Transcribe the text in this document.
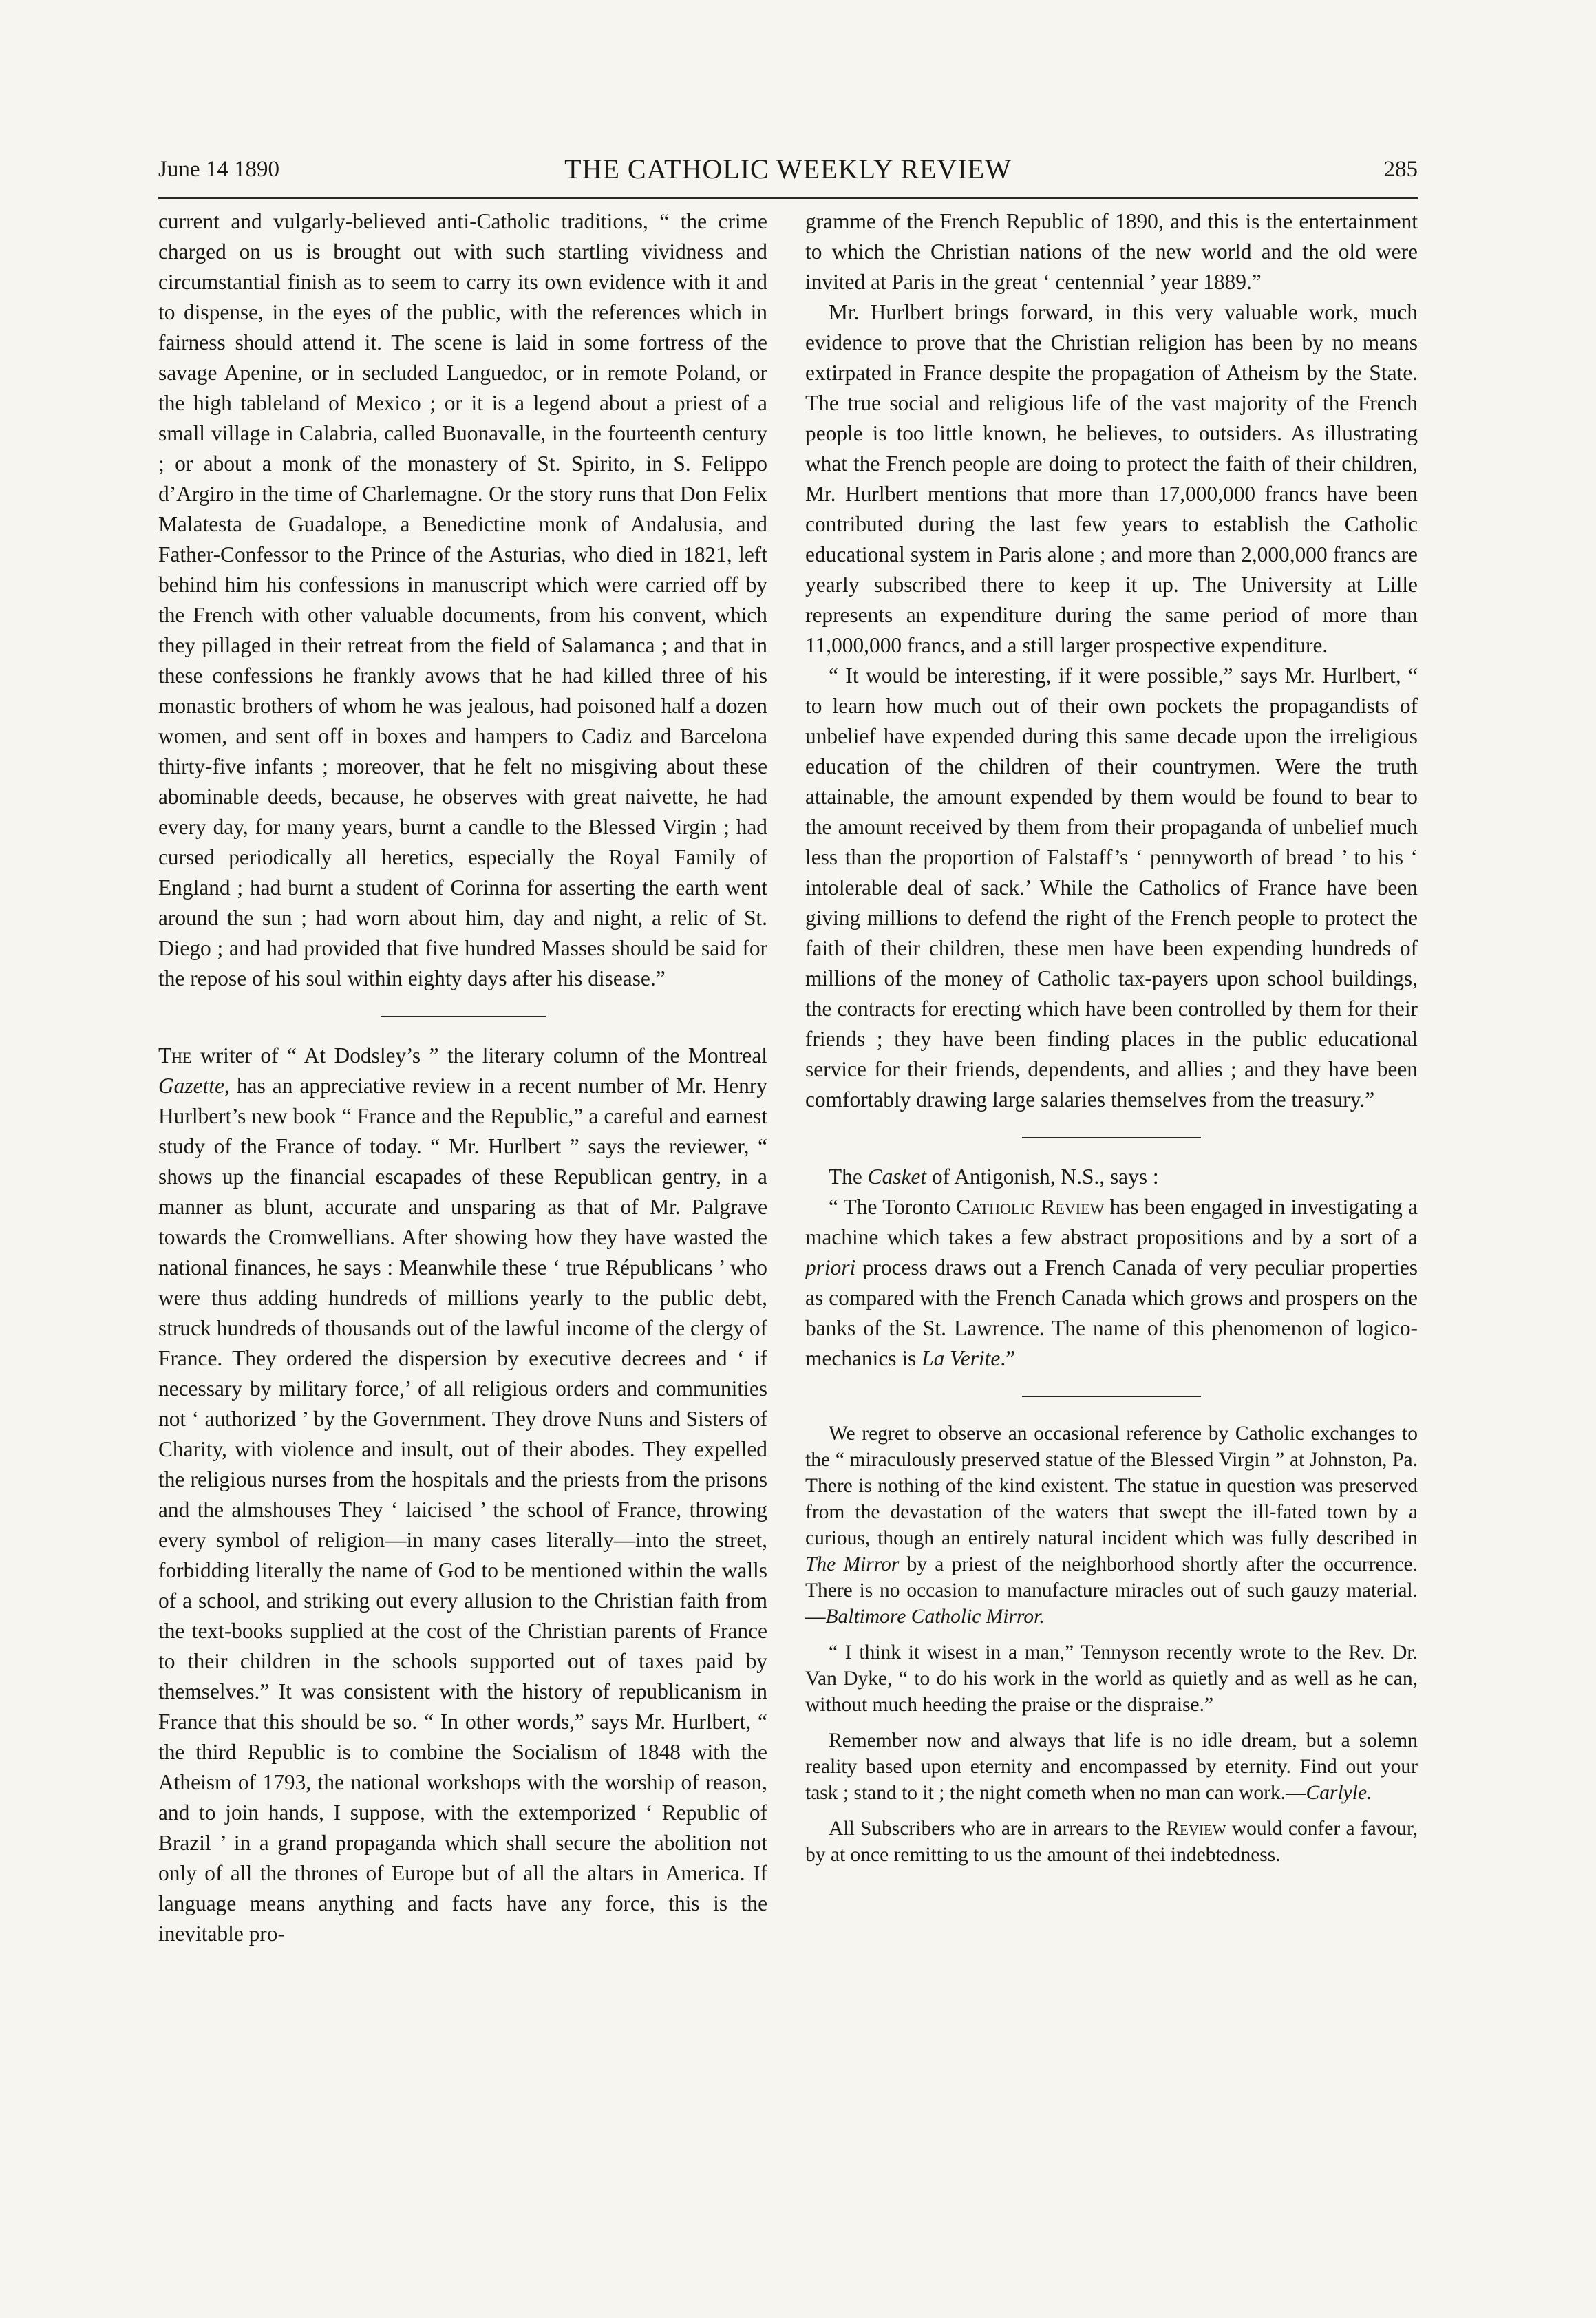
June 14 1890	THE CATHOLIC WEEKLY REVIEW	285

current and vulgarly-believed anti-Catholic traditions, “ the crime charged on us is brought out with such startling vividness and circumstantial finish as to seem to carry its own evidence with it and to dispense, in the eyes of the public, with the references which in fairness should attend it. The scene is laid in some fortress of the savage Apenine, or in secluded Languedoc, or in remote Poland, or the high tableland of Mexico ; or it is a legend about a priest of a small village in Calabria, called Buonavalle, in the fourteenth century ; or about a monk of the monastery of St. Spirito, in S. Felippo d’Argiro in the time of Charlemagne. Or the story runs that Don Felix Malatesta de Guadalope, a Benedictine monk of Andalusia, and Father-Confessor to the Prince of the Asturias, who died in 1821, left behind him his confessions in manuscript which were carried off by the French with other valuable documents, from his convent, which they pillaged in their retreat from the field of Salamanca ; and that in these confessions he frankly avows that he had killed three of his monastic brothers of whom he was jealous, had poisoned half a dozen women, and sent off in boxes and hampers to Cadiz and Barcelona thirty-five infants ; moreover, that he felt no misgiving about these abominable deeds, because, he observes with great naivette, he had every day, for many years, burnt a candle to the Blessed Virgin ; had cursed periodically all heretics, especially the Royal Family of England ; had burnt a student of Corinna for asserting the earth went around the sun ; had worn about him, day and night, a relic of St. Diego ; and had provided that five hundred Masses should be said for the repose of his soul within eighty days after his disease.”

The writer of “ At Dodsley’s ” the literary column of the Montreal Gazette, has an appreciative review in a recent number of Mr. Henry Hurlbert’s new book “ France and the Republic,” a careful and earnest study of the France of today. “ Mr. Hurlbert ” says the reviewer, “ shows up the financial escapades of these Republican gentry, in a manner as blunt, accurate and unsparing as that of Mr. Palgrave towards the Cromwellians. After showing how they have wasted the national finances, he says : Meanwhile these ‘ true Républicans ’ who were thus adding hundreds of millions yearly to the public debt, struck hundreds of thousands out of the lawful income of the clergy of France. They ordered the dispersion by executive decrees and ‘ if necessary by military force,’ of all religious orders and communities not ‘ authorized ’ by the Government. They drove Nuns and Sisters of Charity, with violence and insult, out of their abodes. They expelled the religious nurses from the hospitals and the priests from the prisons and the almshouses They ‘ laicised ’ the school of France, throwing every symbol of religion—in many cases literally—into the street, forbidding literally the name of God to be mentioned within the walls of a school, and striking out every allusion to the Christian faith from the text-books supplied at the cost of the Christian parents of France to their children in the schools supported out of taxes paid by themselves.” It was consistent with the history of republicanism in France that this should be so. “ In other words,” says Mr. Hurlbert, “ the third Republic is to combine the Socialism of 1848 with the Atheism of 1793, the national workshops with the worship of reason, and to join hands, I suppose, with the extemporized ‘ Republic of Brazil ’ in a grand propaganda which shall secure the abolition not only of all the thrones of Europe but of all the altars in America. If language means anything and facts have any force, this is the inevitable pro-

gramme of the French Republic of 1890, and this is the entertainment to which the Christian nations of the new world and the old were invited at Paris in the great ‘ centennial ’ year 1889.”

Mr. Hurlbert brings forward, in this very valuable work, much evidence to prove that the Christian religion has been by no means extirpated in France despite the propagation of Atheism by the State. The true social and religious life of the vast majority of the French people is too little known, he believes, to outsiders. As illustrating what the French people are doing to protect the faith of their children, Mr. Hurlbert mentions that more than 17,000,000 francs have been contributed during the last few years to establish the Catholic educational system in Paris alone ; and more than 2,000,000 francs are yearly subscribed there to keep it up. The University at Lille represents an expenditure during the same period of more than 11,000,000 francs, and a still larger prospective expenditure.

“ It would be interesting, if it were possible,” says Mr. Hurlbert, “ to learn how much out of their own pockets the propagandists of unbelief have expended during this same decade upon the irreligious education of the children of their countrymen. Were the truth attainable, the amount expended by them would be found to bear to the amount received by them from their propaganda of unbelief much less than the proportion of Falstaff’s ‘ pennyworth of bread ’ to his ‘ intolerable deal of sack.’ While the Catholics of France have been giving millions to defend the right of the French people to protect the faith of their children, these men have been expending hundreds of millions of the money of Catholic tax-payers upon school buildings, the contracts for erecting which have been controlled by them for their friends ; they have been finding places in the public educational service for their friends, dependents, and allies ; and they have been comfortably drawing large salaries themselves from the treasury.”

The Casket of Antigonish, N.S., says :

“ The Toronto Catholic Review has been engaged in investigating a machine which takes a few abstract propositions and by a sort of a priori process draws out a French Canada of very peculiar properties as compared with the French Canada which grows and prospers on the banks of the St. Lawrence. The name of this phenomenon of logico-mechanics is La Verite.”

We regret to observe an occasional reference by Catholic exchanges to the “ miraculously preserved statue of the Blessed Virgin ” at Johnston, Pa. There is nothing of the kind existent. The statue in question was preserved from the devastation of the waters that swept the ill-fated town by a curious, though an entirely natural incident which was fully described in The Mirror by a priest of the neighborhood shortly after the occurrence. There is no occasion to manufacture miracles out of such gauzy material.—Baltimore Catholic Mirror.

“ I think it wisest in a man,” Tennyson recently wrote to the Rev. Dr. Van Dyke, “ to do his work in the world as quietly and as well as he can, without much heeding the praise or the dispraise.”

Remember now and always that life is no idle dream, but a solemn reality based upon eternity and encompassed by eternity. Find out your task ; stand to it ; the night cometh when no man can work.—Carlyle.

All Subscribers who are in arrears to the Review would confer a favour, by at once remitting to us the amount of thei indebtedness.
